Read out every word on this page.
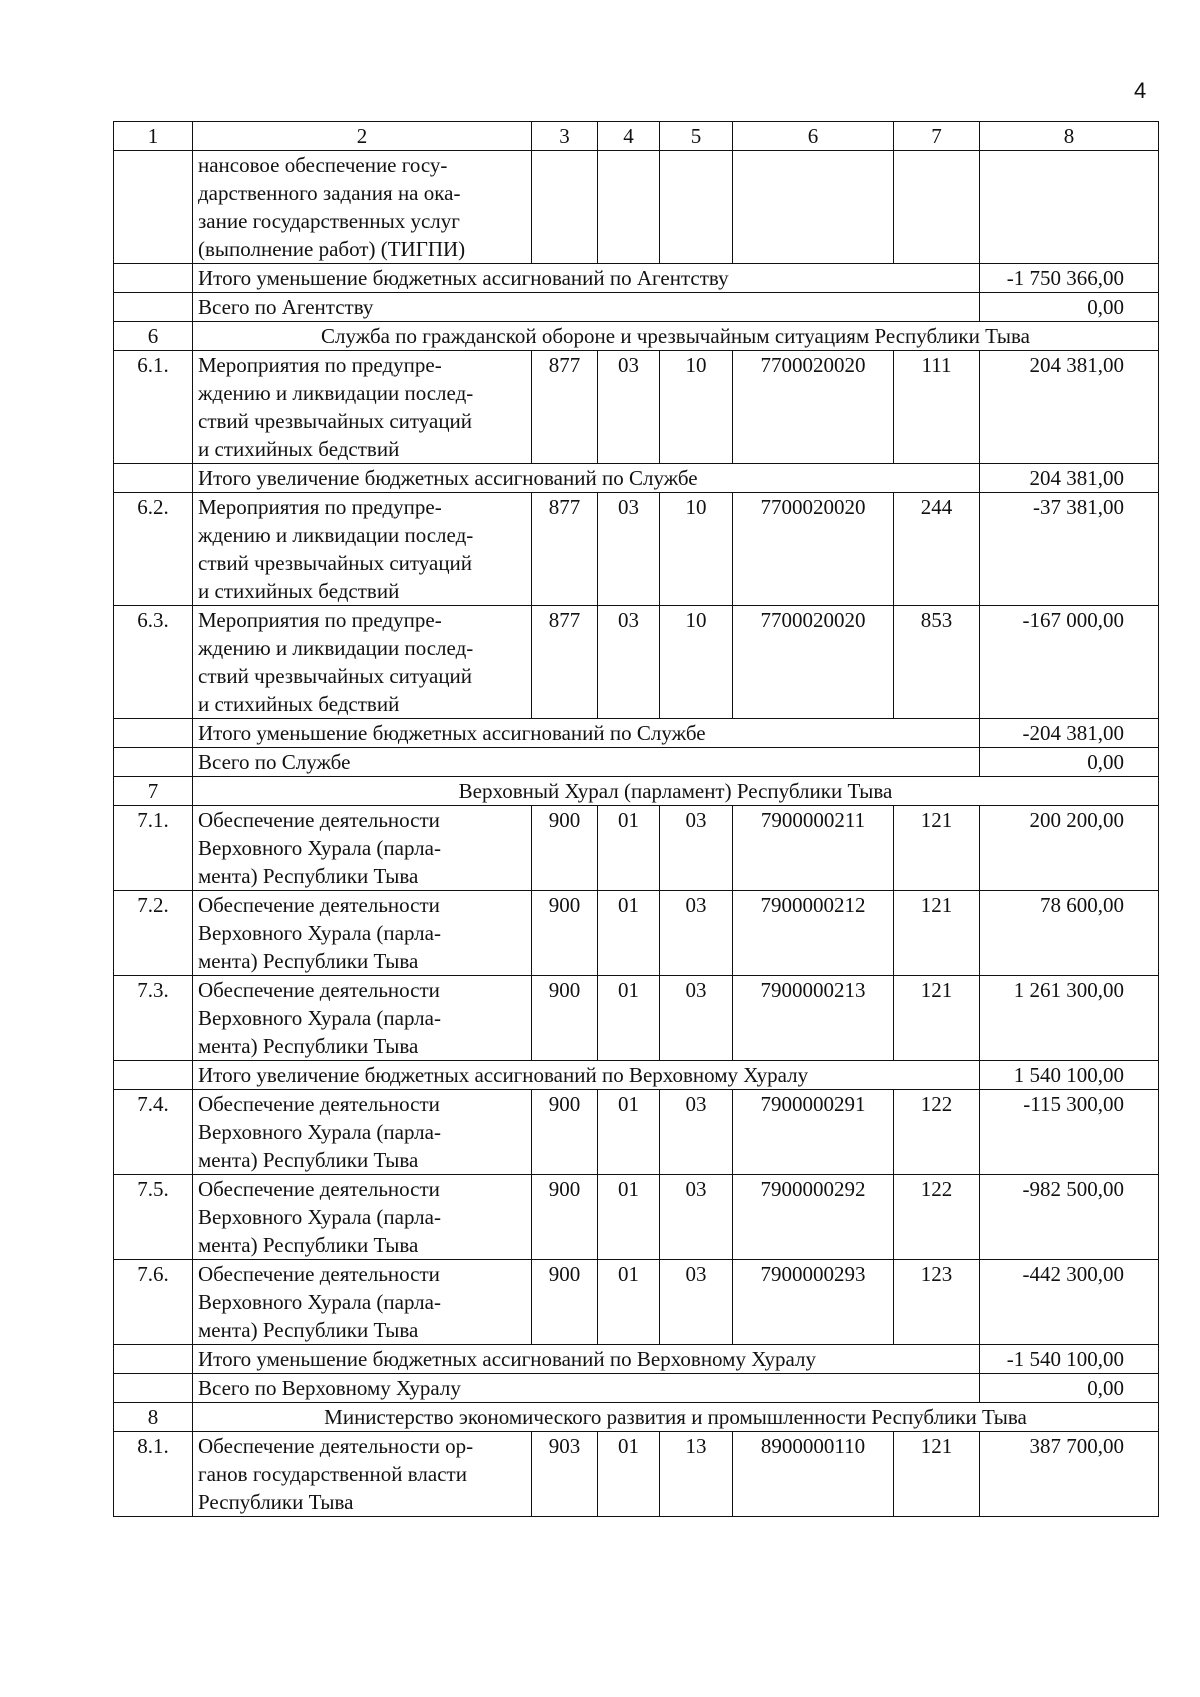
4
1	2	3	4	5	6	7	8
	нансовое обеспечение госу-
дарственного задания на ока-
зание государственных услуг
(выполнение работ) (ТИГПИ)						
	Итого уменьшение бюджетных ассигнований по Агентству						-1 750 366,00
	Всего по Агентству						0,00
6	Служба по гражданской обороне и чрезвычайным ситуациям Республики Тыва						
6.1.	Мероприятия по предупре-
ждению и ликвидации послед-
ствий чрезвычайных ситуаций
и стихийных бедствий	877	03	10	7700020020	111	204 381,00
	Итого увеличение бюджетных ассигнований по Службе						204 381,00
6.2.	Мероприятия по предупре-
ждению и ликвидации послед-
ствий чрезвычайных ситуаций
и стихийных бедствий	877	03	10	7700020020	244	-37 381,00
6.3.	Мероприятия по предупре-
ждению и ликвидации послед-
ствий чрезвычайных ситуаций
и стихийных бедствий	877	03	10	7700020020	853	-167 000,00
	Итого уменьшение бюджетных ассигнований по Службе						-204 381,00
	Всего по Службе						0,00
7	Верховный Хурал (парламент) Республики Тыва						
7.1.	Обеспечение деятельности
Верховного Хурала (парла-
мента) Республики Тыва	900	01	03	7900000211	121	200 200,00
7.2.	Обеспечение деятельности
Верховного Хурала (парла-
мента) Республики Тыва	900	01	03	7900000212	121	78 600,00
7.3.	Обеспечение деятельности
Верховного Хурала (парла-
мента) Республики Тыва	900	01	03	7900000213	121	1 261 300,00
	Итого увеличение бюджетных ассигнований по Верховному Хуралу						1 540 100,00
7.4.	Обеспечение деятельности
Верховного Хурала (парла-
мента) Республики Тыва	900	01	03	7900000291	122	-115 300,00
7.5.	Обеспечение деятельности
Верховного Хурала (парла-
мента) Республики Тыва	900	01	03	7900000292	122	-982 500,00
7.6.	Обеспечение деятельности
Верховного Хурала (парла-
мента) Республики Тыва	900	01	03	7900000293	123	-442 300,00
	Итого уменьшение бюджетных ассигнований по Верховному Хуралу						-1 540 100,00
	Всего по Верховному Хуралу						0,00
8	Министерство экономического развития и промышленности Республики Тыва						
8.1.	Обеспечение деятельности ор-
ганов государственной власти
Республики Тыва	903	01	13	8900000110	121	387 700,00
